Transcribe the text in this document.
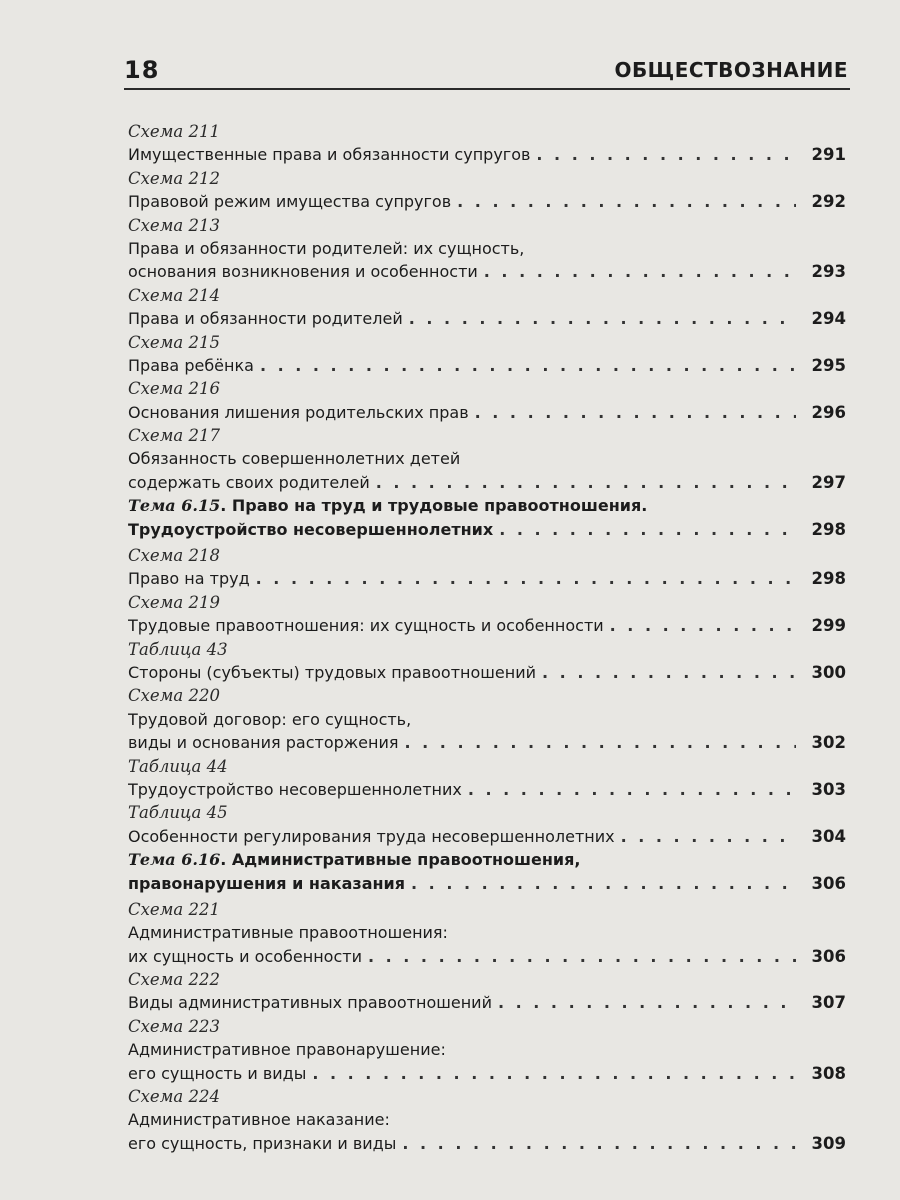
18	ОБЩЕСТВОЗНАНИЕ
Схема 211
Имущественные права и обязанности супругов . . .	291
Схема 212
Правовой режим имущества супругов . . .	292
Схема 213
Права и обязанности родителей: их сущность,
основания возникновения и особенности . . .	293
Схема 214
Права и обязанности родителей . . .	294
Схема 215
Права ребёнка . . .	295
Схема 216
Основания лишения родительских прав . . .	296
Схема 217
Обязанность совершеннолетних детей
содержать своих родителей . . .	297
Тема 6.15. Право на труд и трудовые правоотношения.
Трудоустройство несовершеннолетних . . .	298
Схема 218
Право на труд . . .	298
Схема 219
Трудовые правоотношения: их сущность и особенности . . .	299
Таблица 43
Стороны (субъекты) трудовых правоотношений . . .	300
Схема 220
Трудовой договор: его сущность,
виды и основания расторжения . . .	302
Таблица 44
Трудоустройство несовершеннолетних . . .	303
Таблица 45
Особенности регулирования труда несовершеннолетних . . .	304
Тема 6.16. Административные правоотношения,
правонарушения и наказания . . .	306
Схема 221
Административные правоотношения:
их сущность и особенности . . .	306
Схема 222
Виды административных правоотношений . . .	307
Схема 223
Административное правонарушение:
его сущность и виды . . .	308
Схема 224
Административное наказание:
его сущность, признаки и виды . . .	309
